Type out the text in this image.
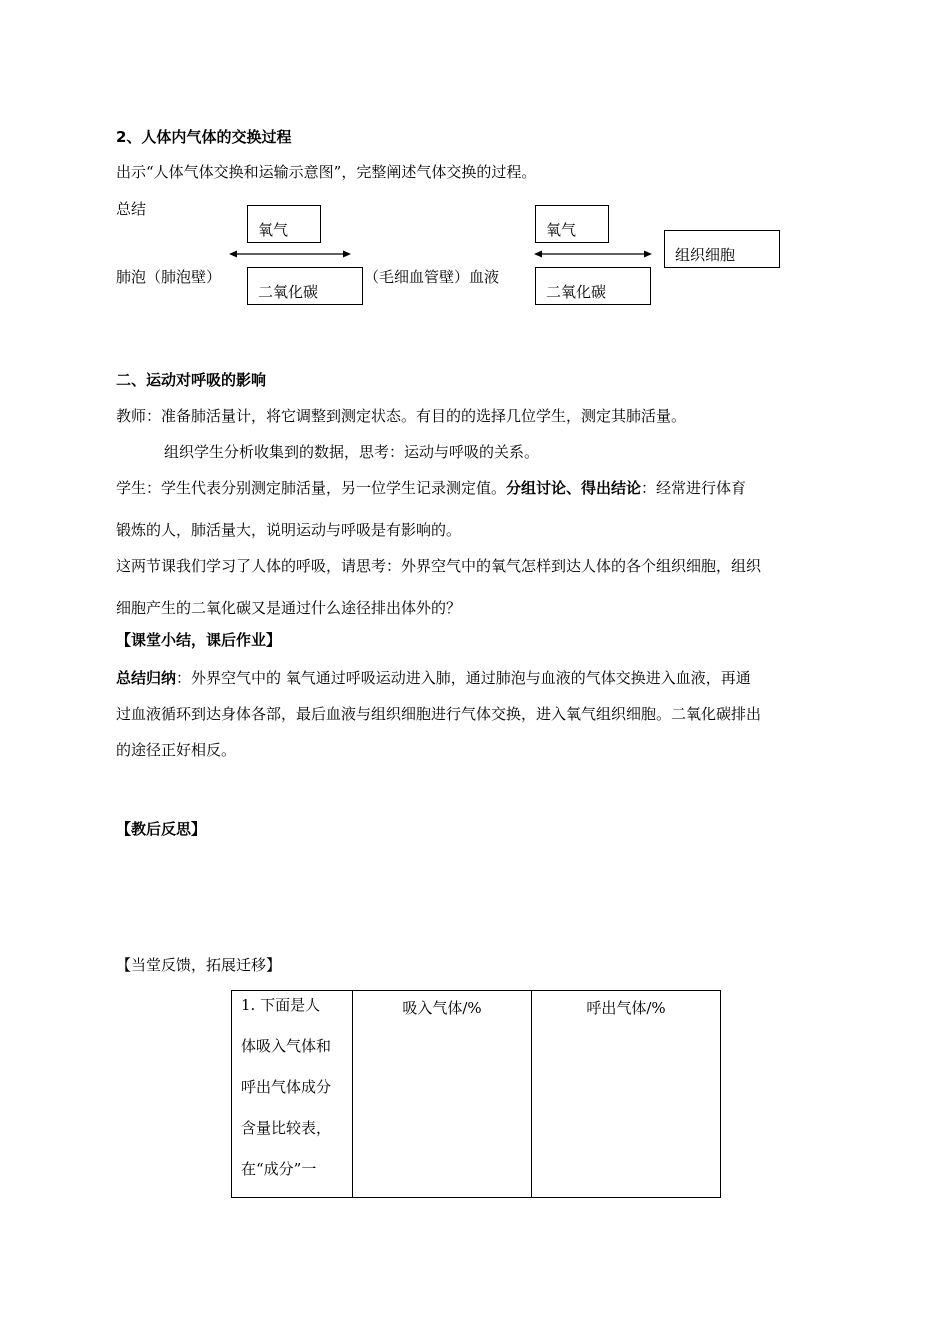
2、人体内气体的交换过程
出示“人体气体交换和运输示意图”，完整阐述气体交换的过程。
总结
氧气
肺泡（肺泡壁）
二氧化碳
（毛细血管壁）血液
氧气
二氧化碳
组织细胞
二、运动对呼吸的影响
教师：准备肺活量计，将它调整到测定状态。有目的的选择几位学生，测定其肺活量。
组织学生分析收集到的数据，思考：运动与呼吸的关系。
学生：学生代表分别测定肺活量，另一位学生记录测定值。分组讨论、得出结论：经常进行体育
锻炼的人，肺活量大，说明运动与呼吸是有影响的。
这两节课我们学习了人体的呼吸，请思考：外界空气中的氧气怎样到达人体的各个组织细胞，组织
细胞产生的二氧化碳又是通过什么途径排出体外的？
【课堂小结，课后作业】
总结归纳：外界空气中的 氧气通过呼吸运动进入肺，通过肺泡与血液的气体交换进入血液，再通
过血液循环到达身体各部，最后血液与组织细胞进行气体交换，进入氧气组织细胞。二氧化碳排出
的途径正好相反。
【教后反思】
【当堂反馈，拓展迁移】
1. 下面是人
体吸入气体和
呼出气体成分
含量比较表，
在“成分”一
	吸入气体/%	呼出气体/%
